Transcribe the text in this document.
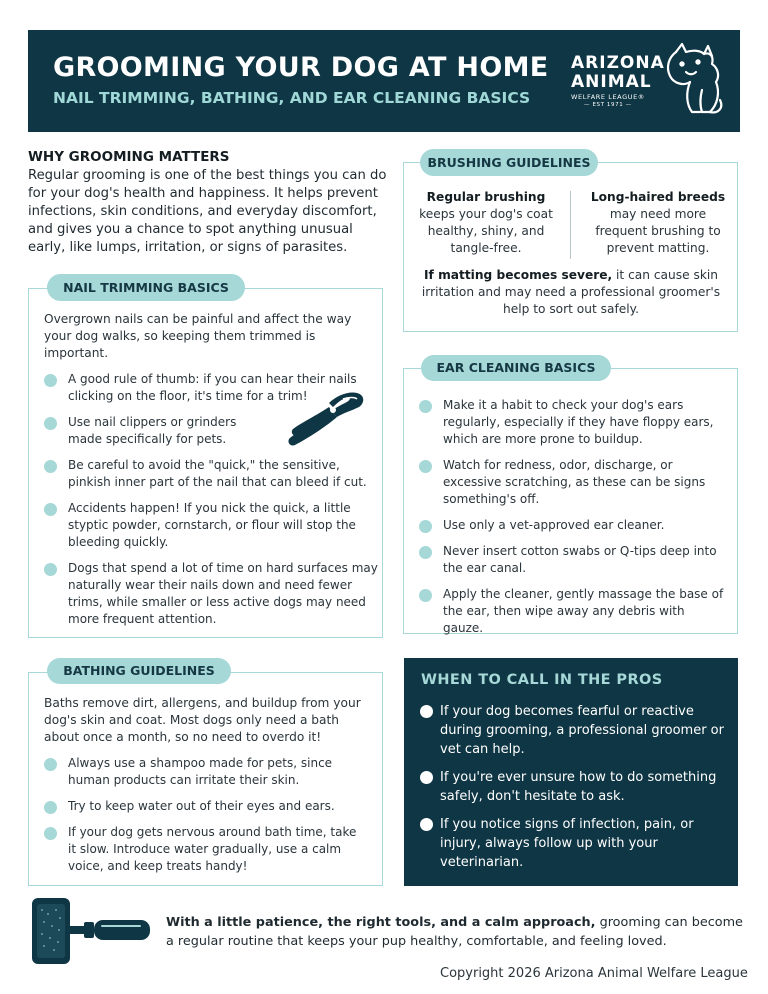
GROOMING YOUR DOG AT HOME
NAIL TRIMMING, BATHING, AND EAR CLEANING BASICS
ARIZONA
ANIMAL
WELFARE LEAGUE®
— EST 1971 —
WHY GROOMING MATTERS
Regular grooming is one of the best things you can do for your dog's health and happiness. It helps prevent infections, skin conditions, and everyday discomfort, and gives you a chance to spot anything unusual early, like lumps, irritation, or signs of parasites.
Regular brushing
keeps your dog's coat healthy, shiny, and tangle-free.
Long-haired breeds
may need more frequent brushing to prevent matting.
If matting becomes severe, it can cause skin irritation and may need a professional groomer's help to sort out safely.
BRUSHING GUIDELINES
Overgrown nails can be painful and affect the way your dog walks, so keeping them trimmed is important.
A good rule of thumb: if you can hear their nails clicking on the floor, it's time for a trim!
Use nail clippers or grinders made specifically for pets.
Be careful to avoid the "quick," the sensitive, pinkish inner part of the nail that can bleed if cut.
Accidents happen! If you nick the quick, a little styptic powder, cornstarch, or flour will stop the bleeding quickly.
Dogs that spend a lot of time on hard surfaces may naturally wear their nails down and need fewer trims, while smaller or less active dogs may need more frequent attention.
NAIL TRIMMING BASICS
Make it a habit to check your dog's ears regularly, especially if they have floppy ears, which are more prone to buildup.
Watch for redness, odor, discharge, or excessive scratching, as these can be signs something's off.
Use only a vet-approved ear cleaner.
Never insert cotton swabs or Q-tips deep into the ear canal.
Apply the cleaner, gently massage the base of the ear, then wipe away any debris with gauze.
EAR CLEANING BASICS
Baths remove dirt, allergens, and buildup from your dog's skin and coat. Most dogs only need a bath about once a month, so no need to overdo it!
Always use a shampoo made for pets, since human products can irritate their skin.
Try to keep water out of their eyes and ears.
If your dog gets nervous around bath time, take it slow. Introduce water gradually, use a calm voice, and keep treats handy!
BATHING GUIDELINES
WHEN TO CALL IN THE PROS
If your dog becomes fearful or reactive during grooming, a professional groomer or vet can help.
If you're ever unsure how to do something safely, don't hesitate to ask.
If you notice signs of infection, pain, or injury, always follow up with your veterinarian.
With a little patience, the right tools, and a calm approach, grooming can become a regular routine that keeps your pup healthy, comfortable, and feeling loved.
Copyright 2026 Arizona Animal Welfare League
